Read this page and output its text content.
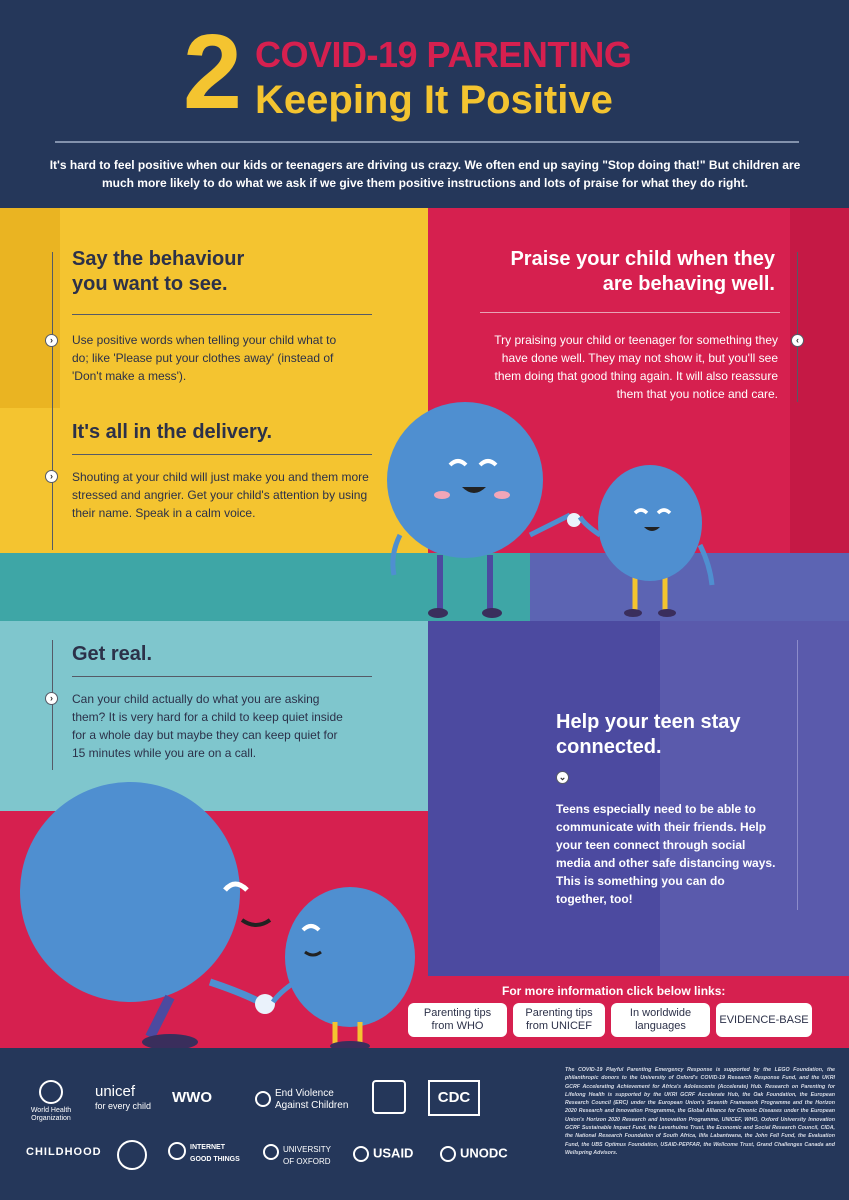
2 COVID-19 PARENTING
Keeping It Positive
It's hard to feel positive when our kids or teenagers are driving us crazy. We often end up saying "Stop doing that!" But children are much more likely to do what we ask if we give them positive instructions and lots of praise for what they do right.
Say the behaviour
you want to see.
›	Use positive words when telling your child what to do; like 'Please put your clothes away' (instead of 'Don't make a mess').
It's all in the delivery.
›	Shouting at your child will just make you and them more stressed and angrier. Get your child's attention by using their name. Speak in a calm voice.
Praise your child when they
are behaving well.
‹
Try praising your child or teenager for something they have done well. They may not show it, but you'll see them doing that good thing again. It will also reassure them that you notice and care.
Get real.
›	Can your child actually do what you are asking them? It is very hard for a child to keep quiet inside for a whole day but maybe they can keep quiet for 15 minutes while you are on a call.
Help your teen stay
connected.
⌄
Teens especially need to be able to communicate with their friends. Help your teen connect through social media and other safe distancing ways. This is something you can do together, too!
For more information click below links:
Parenting tips
from WHO
Parenting tips
from UNICEF
In worldwide
languages
EVIDENCE-BASE
World Health Organization
unicef
for every child WWO	End Violence Against Children	CDC
CHILDHOOD	INTERNET GOOD THINGS
UNIVERSITY OF OXFORD
USAID	UNODC
The COVID-19 Playful Parenting Emergency Response is supported by the LEGO Foundation, the philanthropic donors to the University of Oxford's COVID-19 Research Response Fund, and the UKRI GCRF Accelerating Achievement for Africa's Adolescents (Accelerate) Hub. Research on Parenting for Lifelong Health is supported by the UKRI GCRF Accelerate Hub, the Oak Foundation, the European Research Council (ERC) under the European Union's Seventh Framework Programme and the Horizon 2020 Research and Innovation Programme, the Global Alliance for Chronic Diseases under the European Union's Horizon 2020 Research and Innovation Programme, UNICEF, WHO, Oxford University Innovation GCRF Sustainable Impact Fund, the Leverhulme Trust, the Economic and Social Research Council, CIDA, the National Research Foundation of South Africa, Ilifa Labantwana, the John Fell Fund, the Evaluation Fund, the UBS Optimus Foundation, USAID-PEPFAR, the Wellcome Trust, Grand Challenges Canada and Wellspring Advisors.
